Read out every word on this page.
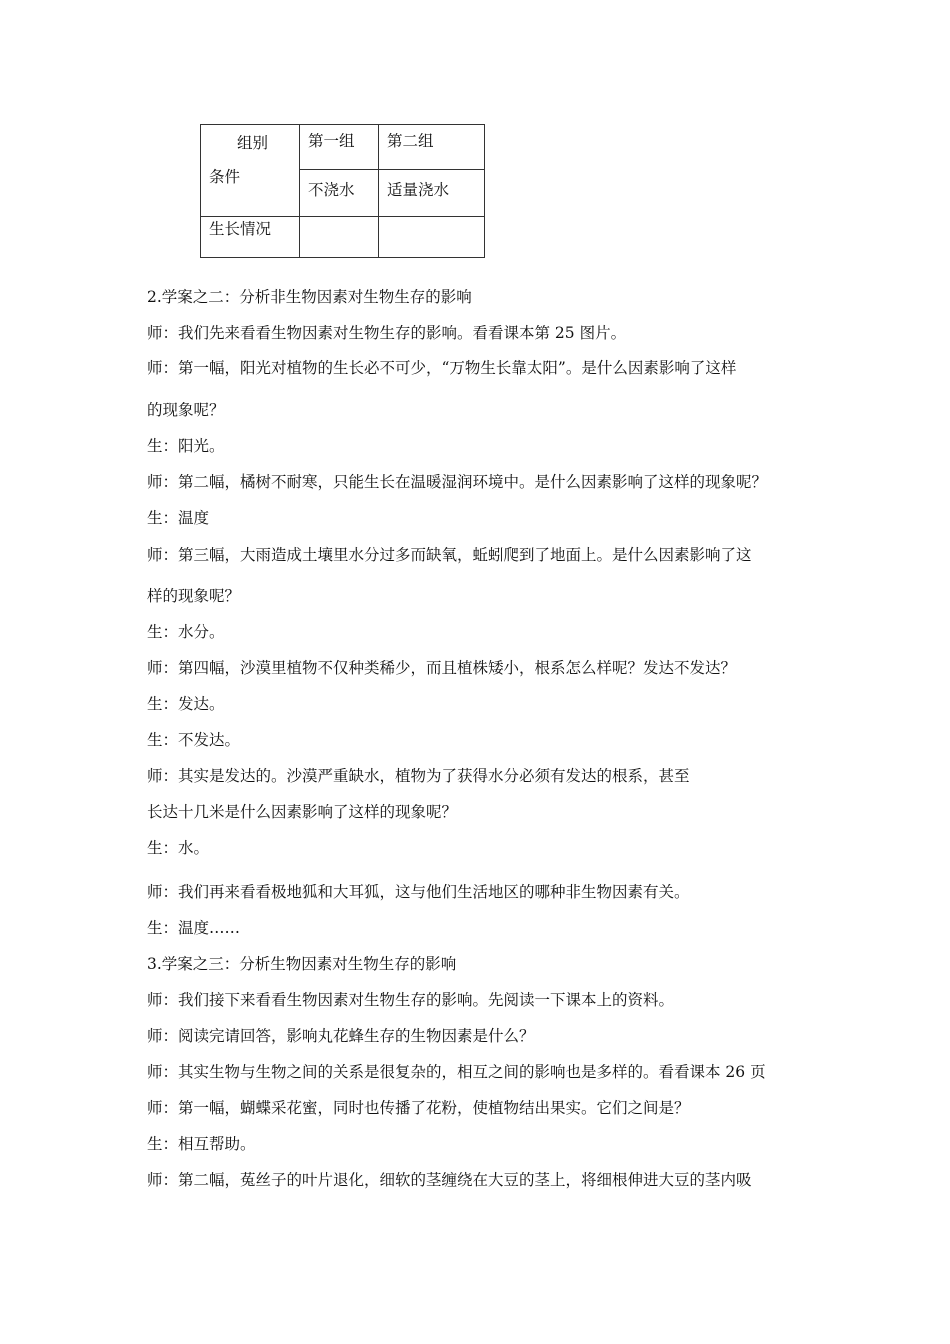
组别
条件	第一组	第二组
	不浇水	适量浇水
生长情况		
2.学案之二：分析非生物因素对生物生存的影响
师：我们先来看看生物因素对生物生存的影响。看看课本第 25 图片。
师：第一幅，阳光对植物的生长必不可少，“万物生长靠太阳”。是什么因素影响了这样
的现象呢？
生：阳光。
师：第二幅，橘树不耐寒，只能生长在温暖湿润环境中。是什么因素影响了这样的现象呢？
生：温度
师：第三幅，大雨造成土壤里水分过多而缺氧，蚯蚓爬到了地面上。是什么因素影响了这
样的现象呢？
生：水分。
师：第四幅，沙漠里植物不仅种类稀少，而且植株矮小，根系怎么样呢？发达不发达？
生：发达。
生：不发达。
师：其实是发达的。沙漠严重缺水，植物为了获得水分必须有发达的根系，甚至
长达十几米是什么因素影响了这样的现象呢？
生：水。
师：我们再来看看极地狐和大耳狐，这与他们生活地区的哪种非生物因素有关。
生：温度……
3.学案之三：分析生物因素对生物生存的影响
师：我们接下来看看生物因素对生物生存的影响。先阅读一下课本上的资料。
师：阅读完请回答，影响丸花蜂生存的生物因素是什么？
师：其实生物与生物之间的关系是很复杂的，相互之间的影响也是多样的。看看课本 26 页
师：第一幅，蝴蝶采花蜜，同时也传播了花粉，使植物结出果实。它们之间是？
生：相互帮助。
师：第二幅，菟丝子的叶片退化，细软的茎缠绕在大豆的茎上，将细根伸进大豆的茎内吸
